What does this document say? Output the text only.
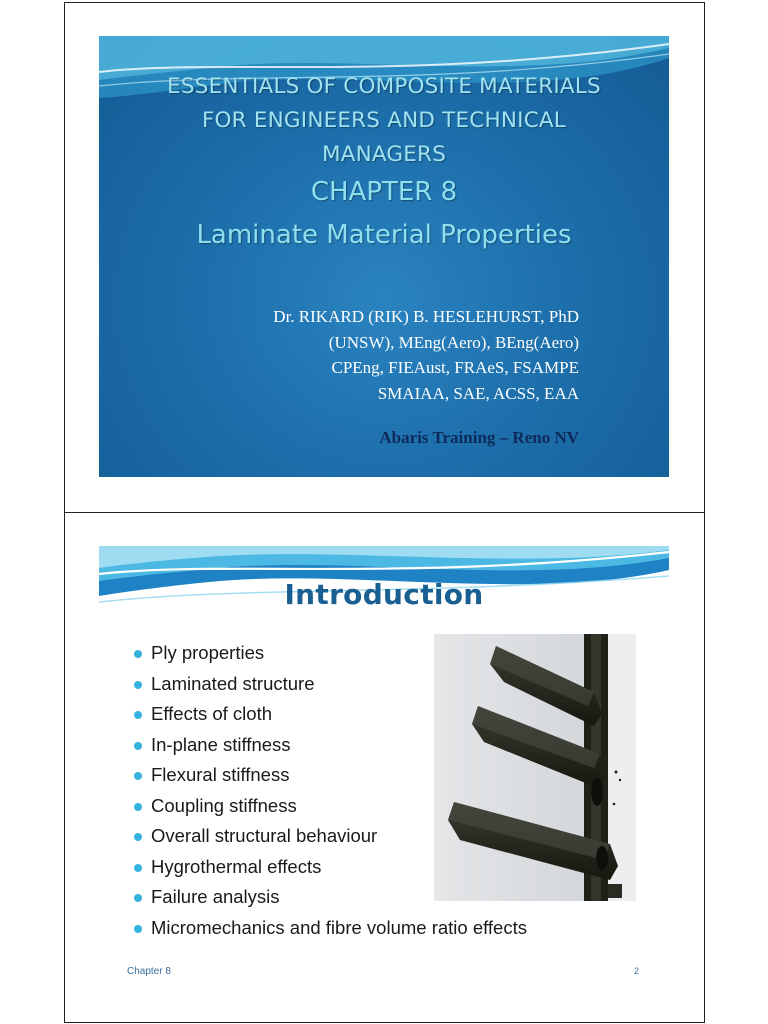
ESSENTIALS OF COMPOSITE MATERIALS
FOR ENGINEERS AND TECHNICAL
MANAGERS
CHAPTER 8
Laminate Material Properties
Dr. RIKARD (RIK) B. HESLEHURST, PhD
(UNSW), MEng(Aero), BEng(Aero)
CPEng, FIEAust, FRAeS, FSAMPE
SMAIAA, SAE, ACSS, EAA
Abaris Training – Reno NV
Introduction
Ply properties
Laminated structure
Effects of cloth
In-plane stiffness
Flexural stiffness
Coupling stiffness
Overall structural behaviour
Hygrothermal effects
Failure analysis
Micromechanics and fibre volume ratio effects
Chapter 8	2
